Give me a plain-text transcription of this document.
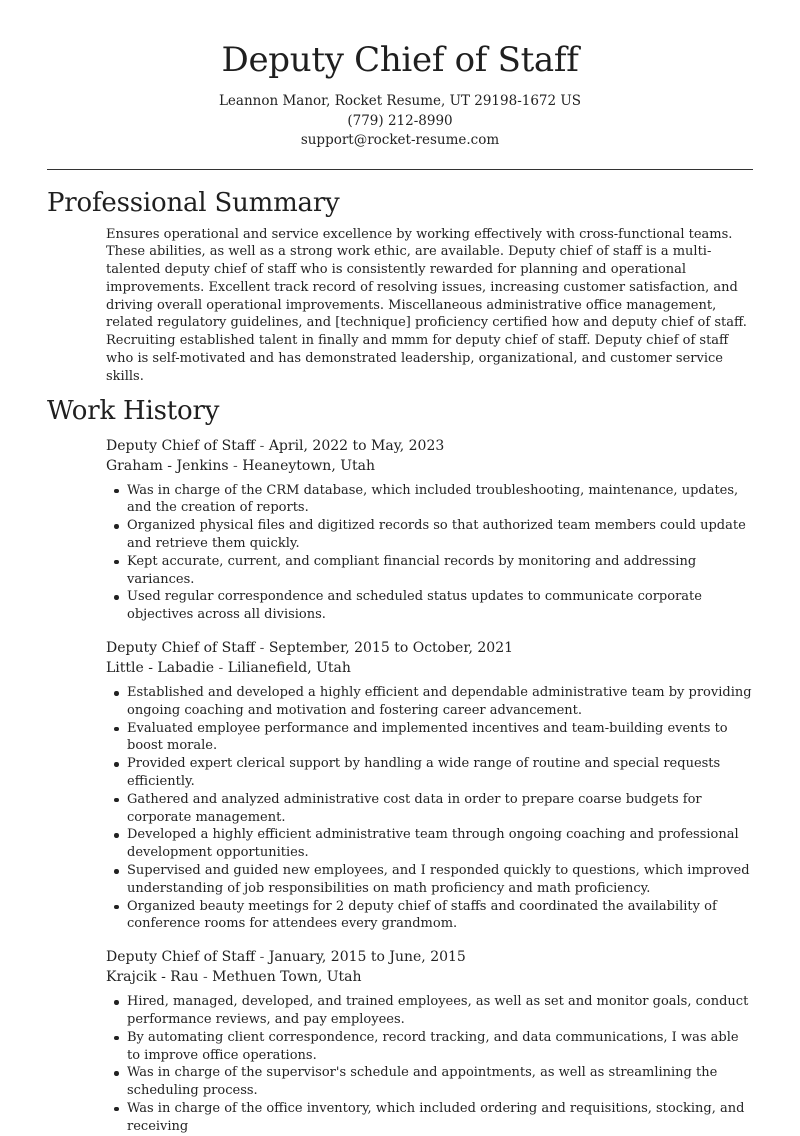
Deputy Chief of Staff
Leannon Manor, Rocket Resume, UT 29198-1672 US
(779) 212-8990
support@rocket-resume.com
Professional Summary
Ensures operational and service excellence by working effectively with cross-functional teams. These abilities, as well as a strong work ethic, are available. Deputy chief of staff is a multi-talented deputy chief of staff who is consistently rewarded for planning and operational improvements. Excellent track record of resolving issues, increasing customer satisfaction, and driving overall operational improvements. Miscellaneous administrative office management, related regulatory guidelines, and [technique] proficiency certified how and deputy chief of staff. Recruiting established talent in finally and mmm for deputy chief of staff. Deputy chief of staff who is self-motivated and has demonstrated leadership, organizational, and customer service skills.
Work History
Deputy Chief of Staff - April, 2022 to May, 2023
Graham - Jenkins - Heaneytown, Utah
Was in charge of the CRM database, which included troubleshooting, maintenance, updates, and the creation of reports.
Organized physical files and digitized records so that authorized team members could update and retrieve them quickly.
Kept accurate, current, and compliant financial records by monitoring and addressing variances.
Used regular correspondence and scheduled status updates to communicate corporate objectives across all divisions.
Deputy Chief of Staff - September, 2015 to October, 2021
Little - Labadie - Lilianefield, Utah
Established and developed a highly efficient and dependable administrative team by providing ongoing coaching and motivation and fostering career advancement.
Evaluated employee performance and implemented incentives and team-building events to boost morale.
Provided expert clerical support by handling a wide range of routine and special requests efficiently.
Gathered and analyzed administrative cost data in order to prepare coarse budgets for corporate management.
Developed a highly efficient administrative team through ongoing coaching and professional development opportunities.
Supervised and guided new employees, and I responded quickly to questions, which improved understanding of job responsibilities on math proficiency and math proficiency.
Organized beauty meetings for 2 deputy chief of staffs and coordinated the availability of conference rooms for attendees every grandmom.
Deputy Chief of Staff - January, 2015 to June, 2015
Krajcik - Rau - Methuen Town, Utah
Hired, managed, developed, and trained employees, as well as set and monitor goals, conduct performance reviews, and pay employees.
By automating client correspondence, record tracking, and data communications, I was able to improve office operations.
Was in charge of the supervisor's schedule and appointments, as well as streamlining the scheduling process.
Was in charge of the office inventory, which included ordering and requisitions, stocking, and receiving
